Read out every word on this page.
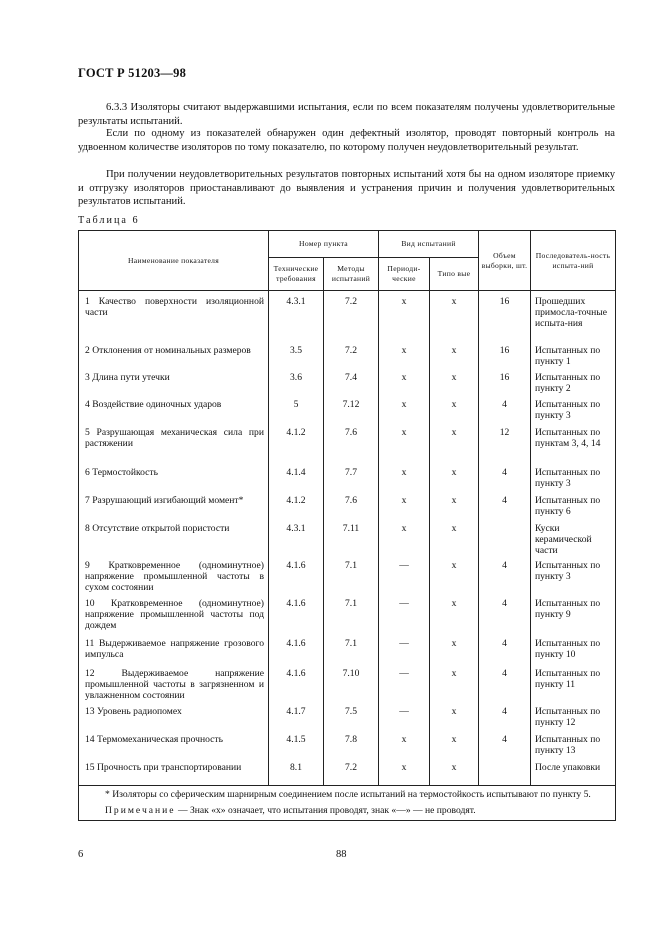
ГОСТ Р 51203—98

6.3.3 Изоляторы считают выдержавшими испытания, если по всем показателям получены удовлетворительные результаты испытаний.

Если по одному из показателей обнаружен один дефектный изолятор, проводят повторный контроль на удвоенном количестве изоляторов по тому показателю, по которому получен неудовлетворительный результат.

При получении неудовлетворительных результатов повторных испытаний хотя бы на одном изоляторе приемку и отгрузку изоляторов приостанавливают до выявления и устранения причин и получения удовлетворительных результатов испытаний.

Таблица 6
Наименование показателя	Номер пункта		Вид испытаний		Объем выборки, шт.	Последователь-ность испыта-ний
	Технические требования	Методы испытаний	Периоди-ческие	Типо вые		
1 Качество поверхности изоляционной части	4.3.1	7.2	х	х	16	Прошедших примосла-точные испыта-ния
2 Отклонения от номинальных размеров	3.5	7.2	х	х	16	Испытанных по пункту 1
3 Длина пути утечки	3.6	7.4	х	х	16	Испытанных по пункту 2
4 Воздействие одиночных ударов	5	7.12	х	х	4	Испытанных по пункту 3
5 Разрушающая механическая сила при растяжении	4.1.2	7.6	х	х	12	Испытанных по пунктам 3, 4, 14
6 Термостойкость	4.1.4	7.7	х	х	4	Испытанных по пункту 3
7 Разрушающий изгибающий момент*	4.1.2	7.6	х	х	4	Испытанных по пункту 6
8 Отсутствие открытой пористости	4.3.1	7.11	х	х		Куски керамической части
9 Кратковременное (одноминутное) напряжение промышленной частоты в сухом состоянии	4.1.6	7.1	—	х	4	Испытанных по пункту 3
10 Кратковременное (одноминутное) напряжение промышленной частоты под дождем	4.1.6	7.1	—	х	4	Испытанных по пункту 9
11 Выдерживаемое напряжение грозового импульса	4.1.6	7.1	—	х	4	Испытанных по пункту 10
12 Выдерживаемое напряжение промышленной частоты в загрязненном и увлажненном состоянии	4.1.6	7.10	—	х	4	Испытанных по пункту 11
13 Уровень радиопомех	4.1.7	7.5	—	х	4	Испытанных по пункту 12
14 Термомеханическая прочность	4.1.5	7.8	х	х	4	Испытанных по пункту 13
15 Прочность при транспортировании	8.1	7.2	х	х		После упаковки

* Изоляторы со сферическим шарнирным соединением после испытаний на термостойкость испытывают по пункту 5.
Примечание — Знак «х» означает, что испытания проводят, знак «—» — не проводят.						
6	88
